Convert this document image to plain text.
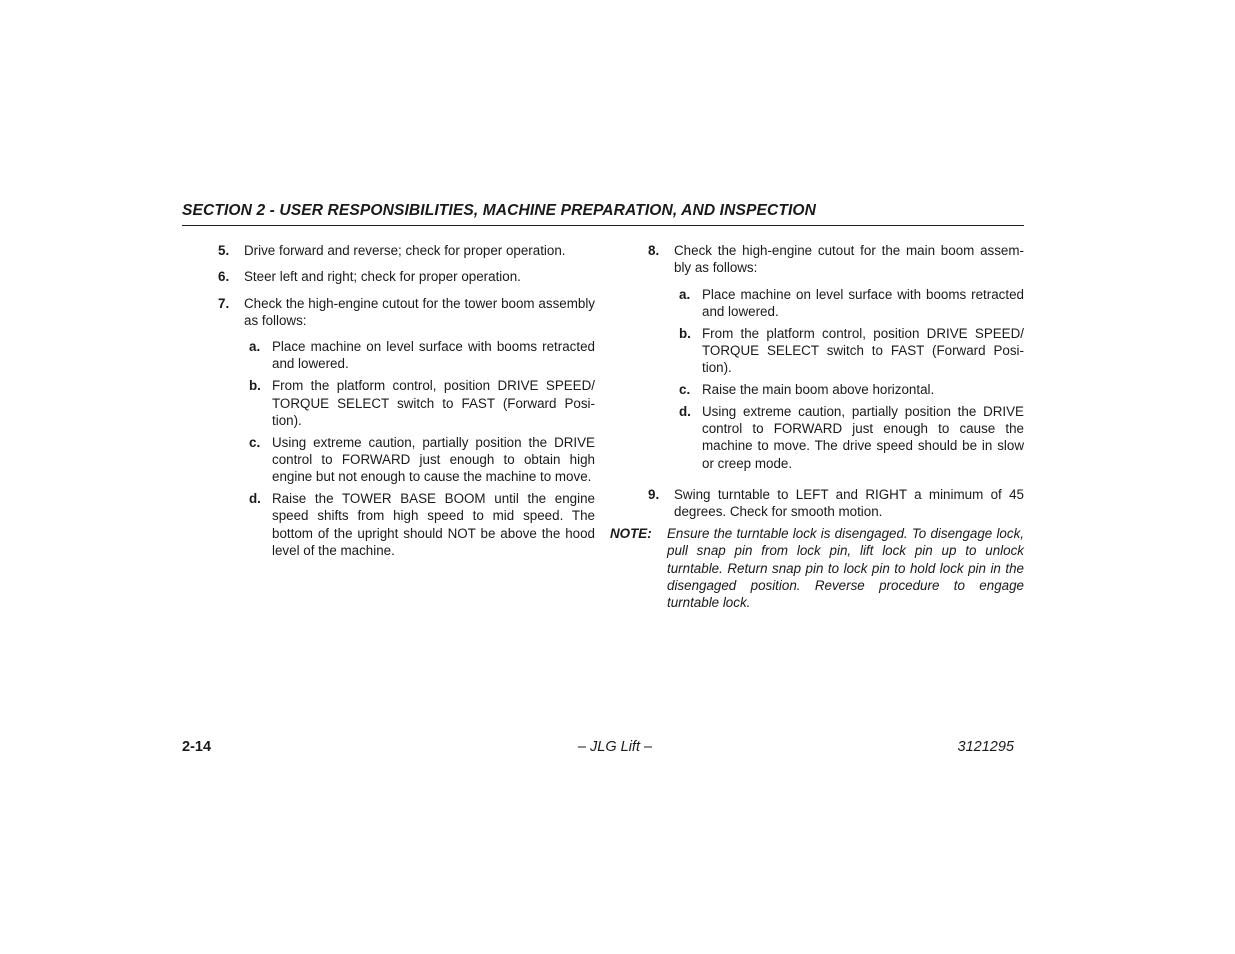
SECTION 2 - USER RESPONSIBILITIES, MACHINE PREPARATION, AND INSPECTION
5.	Drive forward and reverse; check for proper operation.
6.	Steer left and right; check for proper operation.
7.	Check the high-engine cutout for the tower boom assembly as follows:
a. Place machine on level surface with booms retracted and lowered.
b. From the platform control, position DRIVE SPEED/ TORQUE SELECT switch to FAST (Forward Posi-tion).
c. Using extreme caution, partially position the DRIVE control to FORWARD just enough to obtain high engine but not enough to cause the machine to move.
d. Raise the TOWER BASE BOOM until the engine speed shifts from high speed to mid speed. The bottom of the upright should NOT be above the hood level of the machine.
8.	Check the high-engine cutout for the main boom assem-bly as follows:
a. Place machine on level surface with booms retracted and lowered.
b. From the platform control, position DRIVE SPEED/ TORQUE SELECT switch to FAST (Forward Posi-tion).
c. Raise the main boom above horizontal.
d. Using extreme caution, partially position the DRIVE control to FORWARD just enough to cause the machine to move. The drive speed should be in slow or creep mode.
9.	Swing turntable to LEFT and RIGHT a minimum of 45 degrees. Check for smooth motion.
NOTE:	Ensure the turntable lock is disengaged. To disengage lock, pull snap pin from lock pin, lift lock pin up to unlock turntable. Return snap pin to lock pin to hold lock pin in the disengaged position. Reverse procedure to engage turntable lock.
2-14	– JLG Lift –	3121295
